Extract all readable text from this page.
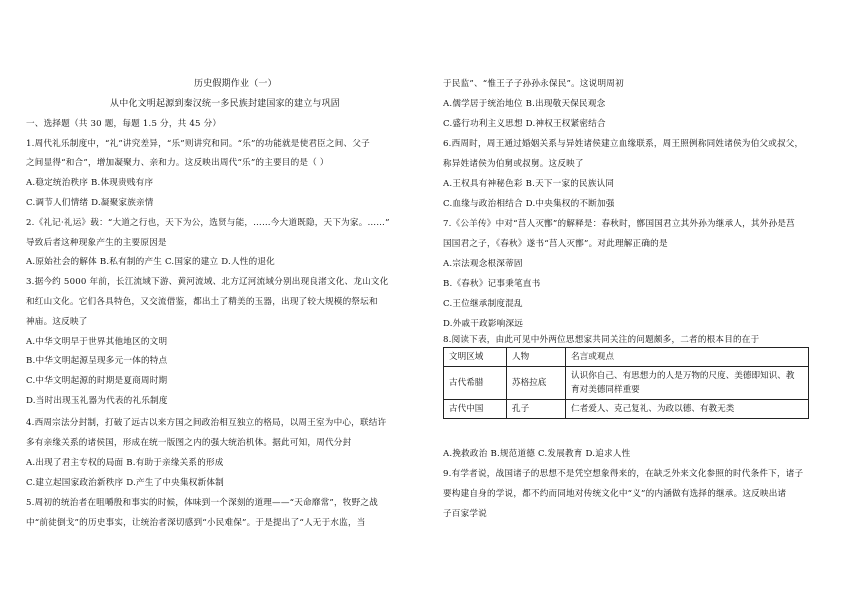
历史假期作业（一）
从中化文明起源到秦汉统一多民族封建国家的建立与巩固
一、选择题（共 30 题，每题 1.5 分，共 45 分）
1.周代礼乐制度中，“礼”讲究差异，“乐”则讲究和同。“乐”的功能就是使君臣之间、父子
之间显得“和合”，增加凝聚力、亲和力。这反映出周代“乐”的主要目的是（ ）
A.稳定统治秩序 B.体现贵贱有序
C.调节人们情绪 D.凝聚家族亲情
2.《礼记·礼运》载：“大道之行也，天下为公，选贤与能，……今大道既隐，天下为家。……”
导致后者这种现象产生的主要原因是
A.原始社会的解体 B.私有制的产生 C.国家的建立 D.人性的退化
3.据今约 5000 年前，长江流域下游、黄河流域、北方辽河流域分别出现良渚文化、龙山文化
和红山文化。它们各具特色，又交流借鉴，都出土了精美的玉器，出现了较大规模的祭坛和
神庙。这反映了
A.中华文明早于世界其他地区的文明
B.中华文明起源呈现多元一体的特点
C.中华文明起源的时期是夏商周时期
D.当时出现玉礼器为代表的礼乐制度
4.西周宗法分封制，打破了远古以来方国之间政治相互独立的格局，以周王室为中心，联结许
多有亲缘关系的诸侯国，形成在统一版图之内的强大统治机体。据此可知，周代分封
A.出现了君主专权的局面 B.有助于亲缘关系的形成
C.建立起国家政治新秩序 D.产生了中央集权新体制
5.周初的统治者在咀嚼殷和事实的时候，体味到一个深刻的道理——“天命靡常”，牧野之战
中“前徒倒戈”的历史事实，让统治者深切感到“小民难保”。于是提出了“人无于水监，当
于民监”、“惟王子子孙孙永保民”。这说明周初
A.儒学居于统治地位 B.出现敬天保民观念
C.盛行功利主义思想 D.神权王权紧密结合
6.西周时，周王通过婚姻关系与异姓诸侯建立血缘联系，周王照例称同姓诸侯为伯父或叔父，
称异姓诸侯为伯舅或叔舅。这反映了
A.王权具有神秘色彩 B.天下一家的民族认同
C.血缘与政治相结合 D.中央集权的不断加强
7.《公羊传》中对“莒人灭鄫”的解释是：春秋时，鄫国国君立其外孙为继承人，其外孙是莒
国国君之子，《春秋》遂书“莒人灭鄫”。对此理解正确的是
A.宗法观念根深蒂固
B.《春秋》记事秉笔直书
C.王位继承制度混乱
D.外戚干政影响深远
8.阅读下表，由此可见中外两位思想家共同关注的问题颇多，二者的根本目的在于
文明区域	人物	名言或观点
古代希腊	苏格拉底	认识你自己、有思想力的人是万物的尺度、美德即知识、教育对美德同样重要
古代中国	孔子	仁者爱人、克己复礼、为政以德、有教无类
A.挽救政治 B.规范道德 C.发展教育 D.追求人性
9.有学者说，战国诸子的思想不是凭空想象得来的，在缺乏外来文化参照的时代条件下，诸子
要构建自身的学说，都不约而同地对传统文化中“义”的内涵做有选择的继承。这反映出诸
子百家学说
